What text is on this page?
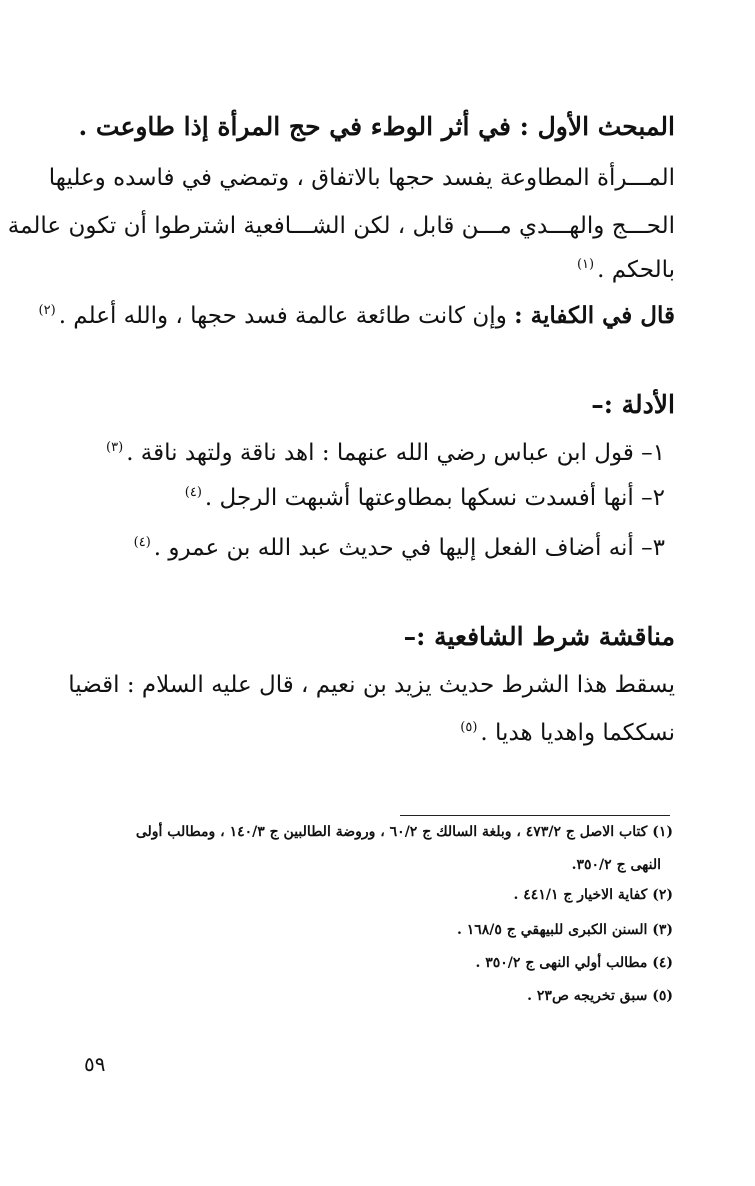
المبحث الأول : في أثر الوطء في حج المرأة إذا طاوعت .
المـــرأة المطاوعة يفسد حجها بالاتفاق ، وتمضي في فاسده وعليها
الحـــج والهـــدي مـــن قابل ، لكن الشـــافعية اشترطوا أن تكون عالمة
بالحكم .$^{(١)}$
قال في الكفاية : وإن كانت طائعة عالمة فسد حجها ، والله أعلم .$^{(٢)}$
الأدلة :–
١– قول ابن عباس رضي الله عنهما : اهد ناقة ولتهد ناقة .$^{(٣)}$
٢– أنها أفسدت نسكها بمطاوعتها أشبهت الرجل .$^{(٤)}$
٣– أنه أضاف الفعل إليها في حديث عبد الله بن عمرو .$^{(٤)}$
مناقشة شرط الشافعية :–
يسقط هذا الشرط حديث يزيد بن نعيم ، قال عليه السلام : اقضيا
نسككما واهديا هديا .$^{(٥)}$
(١) كتاب الاصل ج ٤٧٣/٢ ، وبلغة السالك ج ٦٠/٢ ، وروضة الطالبين ج ١٤٠/٣ ، ومطالب أولى
النهى ج ٣٥٠/٢.
(٢) كفاية الاخيار ج ٤٤١/١ .
(٣) السنن الكبرى للبيهقي ج ١٦٨/٥ .
(٤) مطالب أولي النهى ج ٣٥٠/٢ .
(٥) سبق تخريجه ص٢٣ .
٥٩
